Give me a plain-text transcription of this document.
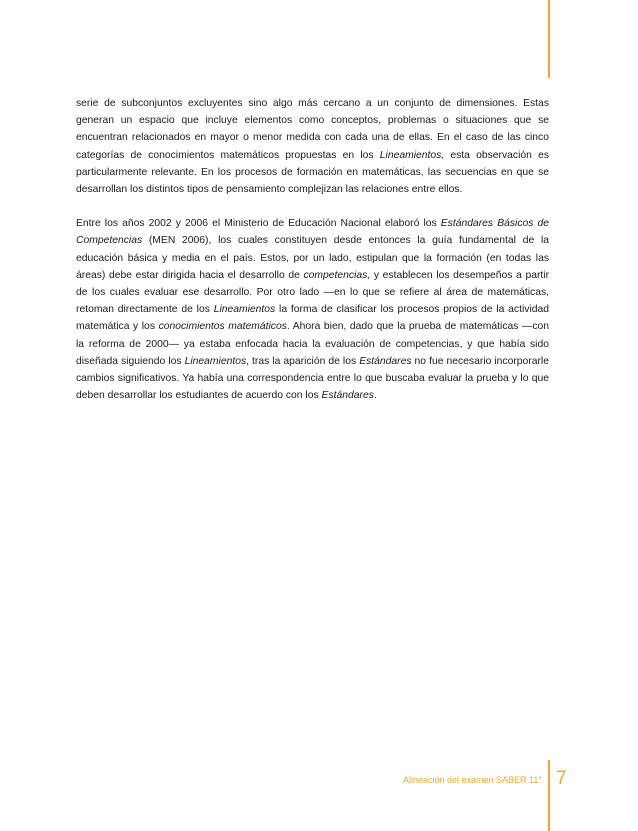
serie de subconjuntos excluyentes sino algo más cercano a un conjunto de dimensiones. Estas generan un espacio que incluye elementos como conceptos, problemas o situaciones que se encuentran relacionados en mayor o menor medida con cada una de ellas. En el caso de las cinco categorías de conocimientos matemáticos propuestas en los Lineamientos, esta observación es particularmente relevante. En los procesos de formación en matemáticas, las secuencias en que se desarrollan los distintos tipos de pensamiento complejizan las relaciones entre ellos.

Entre los años 2002 y 2006 el Ministerio de Educación Nacional elaboró los Estándares Básicos de Competencias (MEN 2006), los cuales constituyen desde entonces la guía fundamental de la educación básica y media en el país. Estos, por un lado, estipulan que la formación (en todas las áreas) debe estar dirigida hacia el desarrollo de competencias, y establecen los desempeños a partir de los cuales evaluar ese desarrollo. Por otro lado —en lo que se refiere al área de matemáticas, retoman directamente de los Lineamientos la forma de clasificar los procesos propios de la actividad matemática y los conocimientos matemáticos. Ahora bien, dado que la prueba de matemáticas —con la reforma de 2000— ya estaba enfocada hacia la evaluación de competencias, y que había sido diseñada siguiendo los Lineamientos, tras la aparición de los Estándares no fue necesario incorporarle cambios significativos. Ya había una correspondencia entre lo que buscaba evaluar la prueba y lo que deben desarrollar los estudiantes de acuerdo con los Estándares.

Alineación del examen SABER 11° 7
